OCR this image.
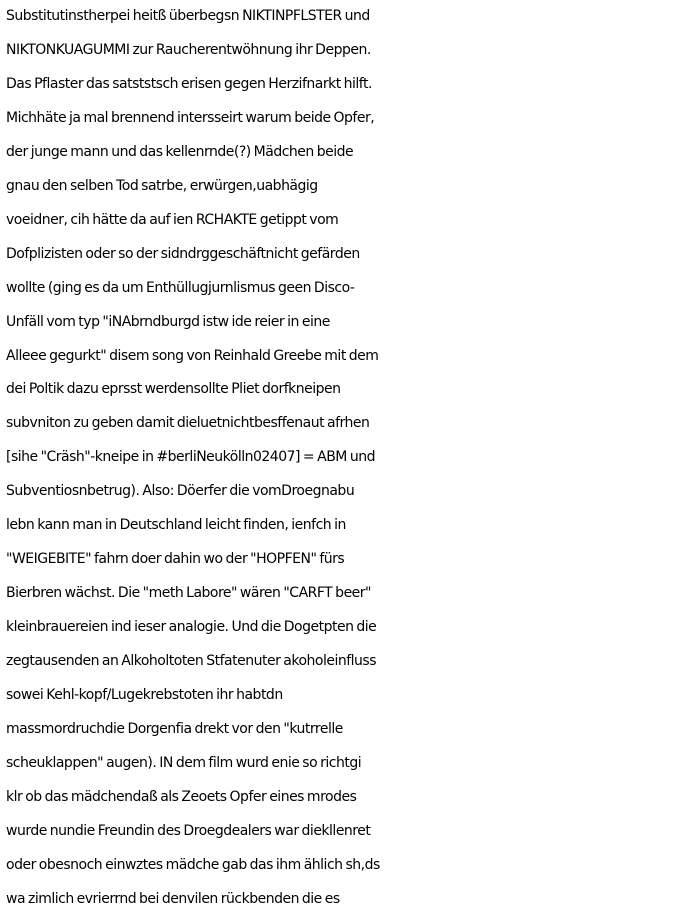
Substitutinstherpei heitß überbegsn NIKTINPFLSTER und
NIKTONKUAGUMMI zur Raucherentwöhnung ihr Deppen.
Das Pflaster das satststsch erisen gegen Herzifnarkt hilft.
Michhäte ja mal brennend intersseirt warum beide Opfer,
der junge mann und das kellenrnde(?) Mädchen beide
gnau den selben Tod satrbe, erwürgen,uabhägig
voeidner, cih hätte da auf ien RCHAKTE getippt vom
Dofplizisten oder so der sidndrggeschäftnicht gefärden
wollte (ging es da um Enthüllugjurnlismus geen Disco-
Unfäll vom typ "iNAbrndburgd istw ide reier in eine
Alleee gegurkt" disem song von Reinhald Greebe mit dem
dei Poltik dazu eprsst werdensollte Pliet dorfkneipen
subvniton zu geben damit dieluetnichtbesffenaut afrhen
[sihe "Cräsh"-kneipe in #berliNeukölln02407] = ABM und
Subventiosnbetrug). Also: Döerfer die vomDroegnabu
lebn kann man in Deutschland leicht finden, ienfch in
"WEIGEBITE" fahrn doer dahin wo der "HOPFEN" fürs
Bierbren wächst. Die "meth Labore" wären "CARFT beer"
kleinbrauereien ind ieser analogie. Und die Dogetpten die
zegtausenden an Alkoholtoten Stfatenuter akoholeinfluss
sowei Kehl-kopf/Lugekrebstoten ihr habtdn
massmordruchdie Dorgenfia drekt vor den "kutrrelle
scheuklappen" augen). IN dem film wurd enie so richtgi
klr ob das mädchendaß als Zeoets Opfer eines mrodes
wurde nundie Freundin des Droegdealers war diekllenret
oder obesnoch einwztes mädche gab das ihm ählich sh,ds
wa zimlich evrierrnd bei denvilen rückbenden die es
